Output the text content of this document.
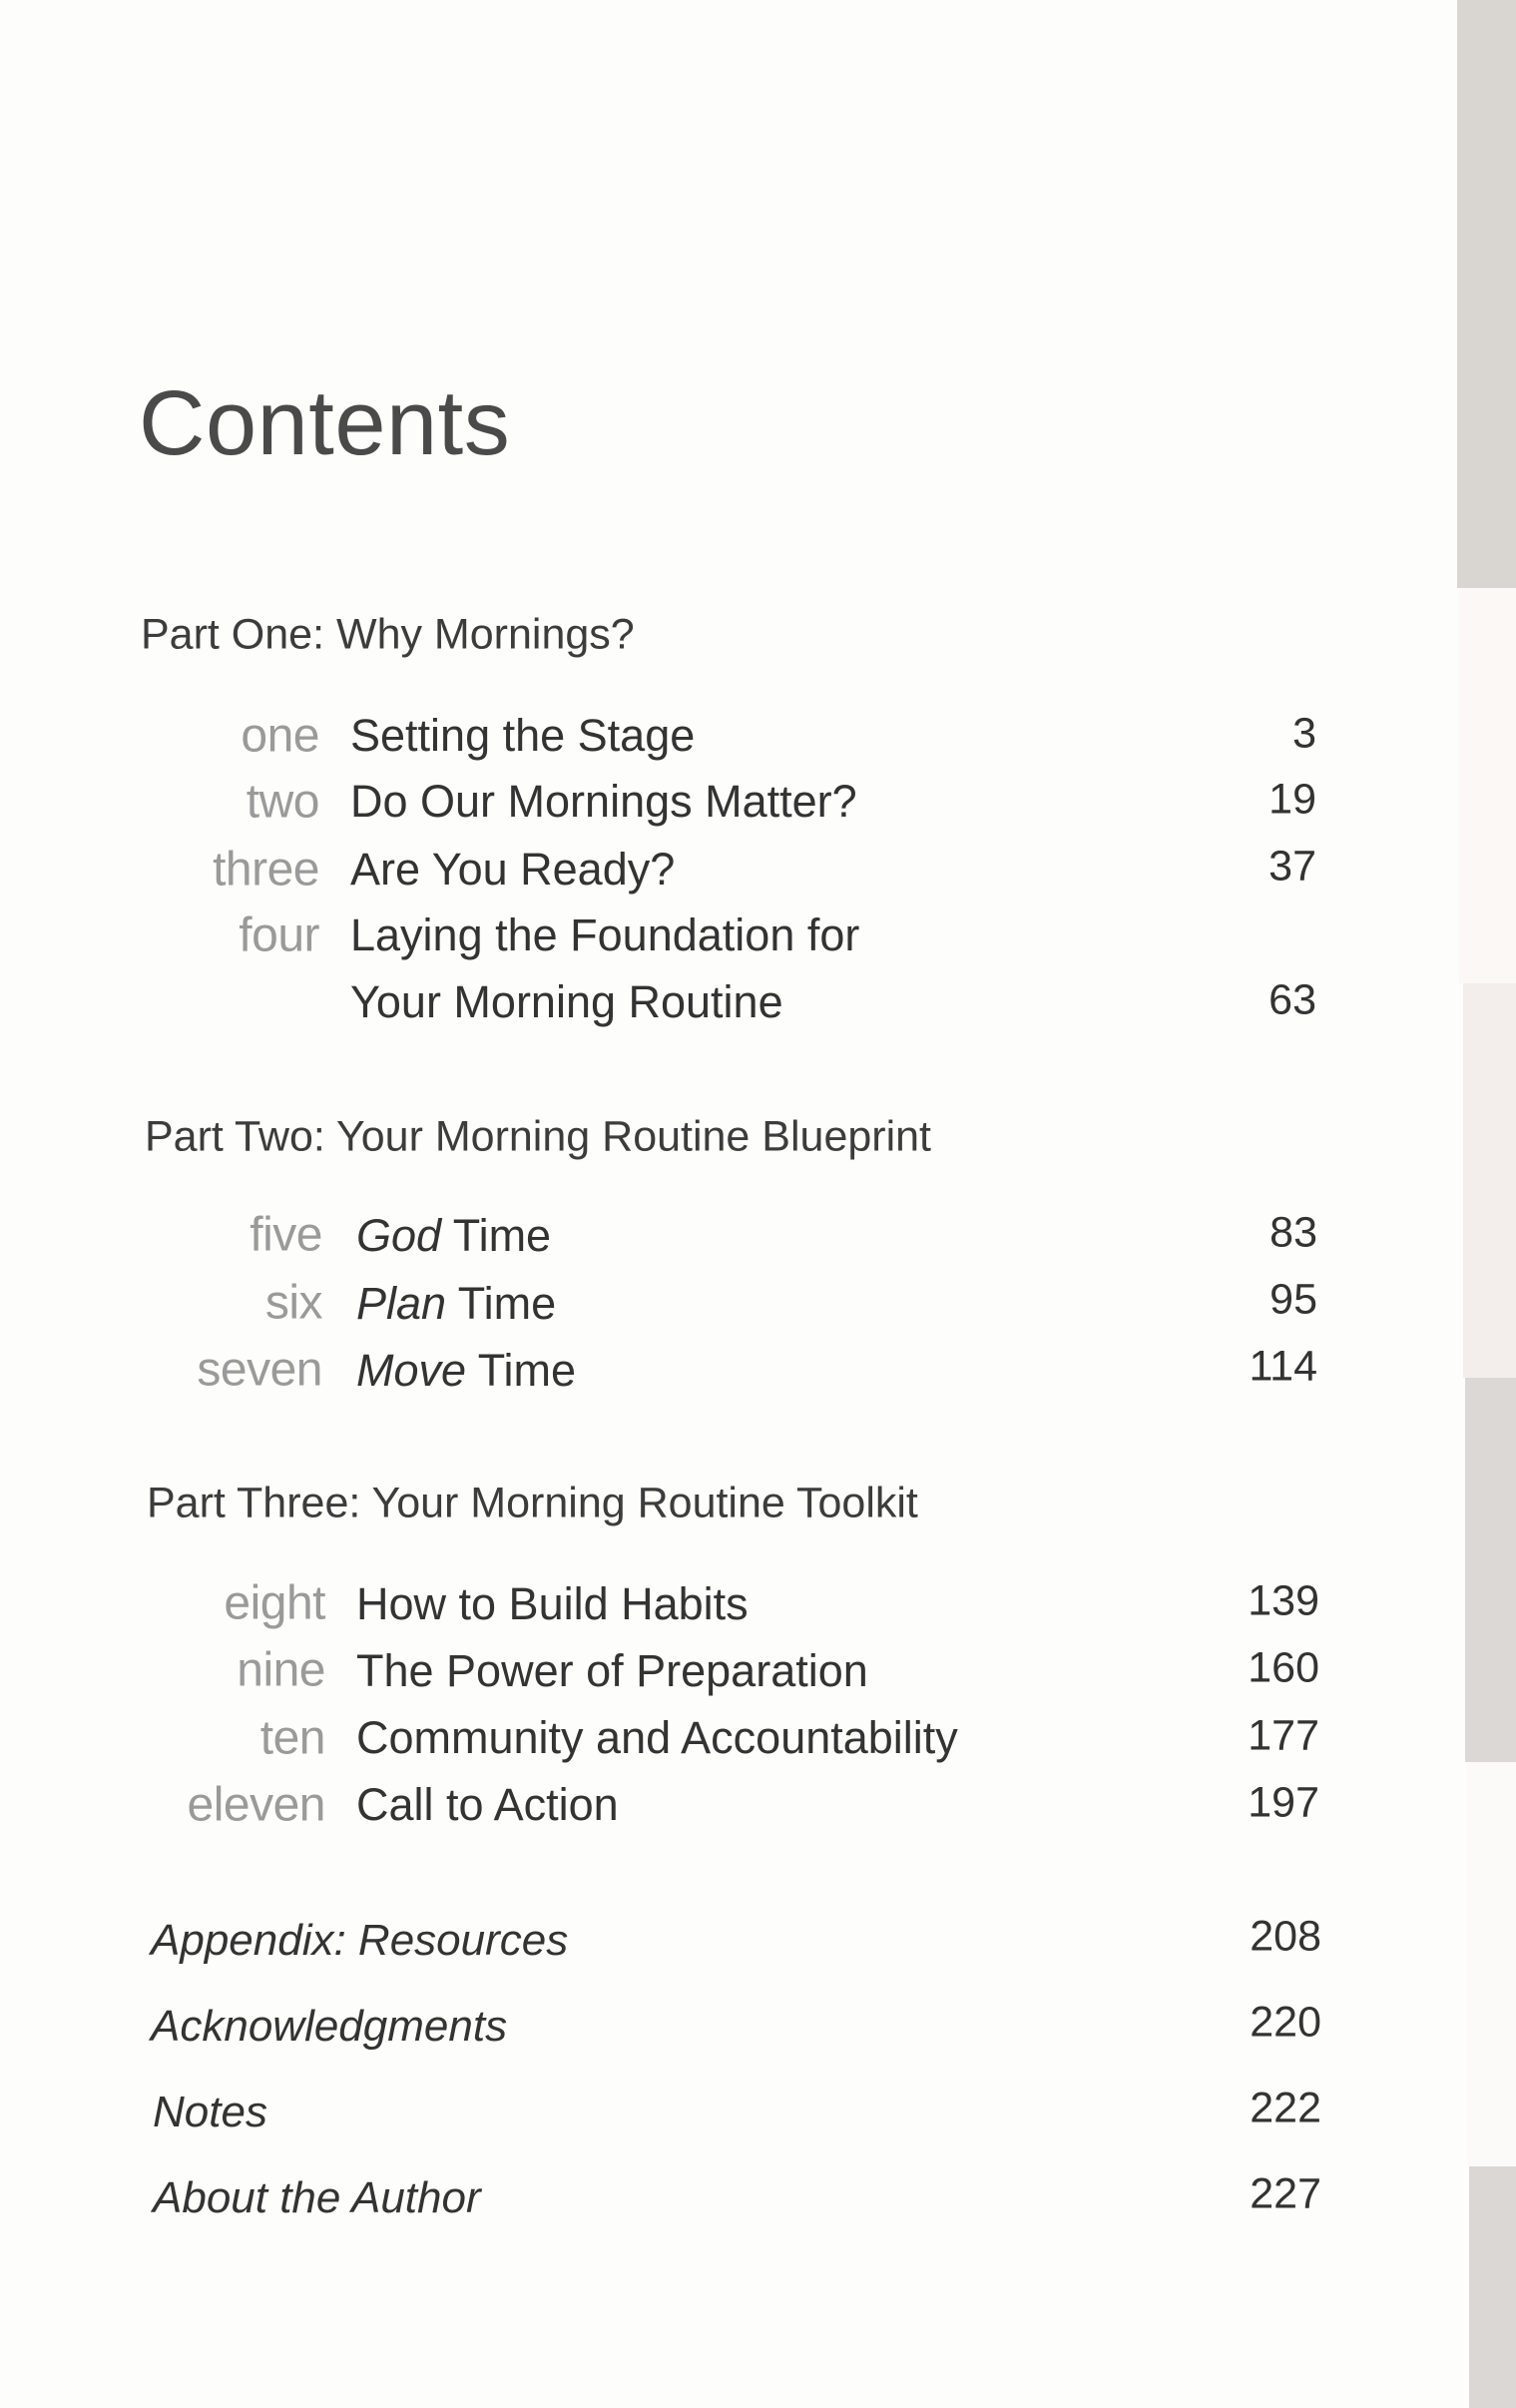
Contents
Part One: Why Mornings?
one Setting the Stage	3
two Do Our Mornings Matter?	19
three Are You Ready?	37
four Laying the Foundation for
Your Morning Routine	63
Part Two: Your Morning Routine Blueprint
five God Time	83
six Plan Time	95
seven Move Time	114
Part Three: Your Morning Routine Toolkit
eight How to Build Habits	139
nine The Power of Preparation	160
ten Community and Accountability	177
eleven Call to Action	197
Appendix: Resources	208
Acknowledgments	220
Notes	222
About the Author	227
